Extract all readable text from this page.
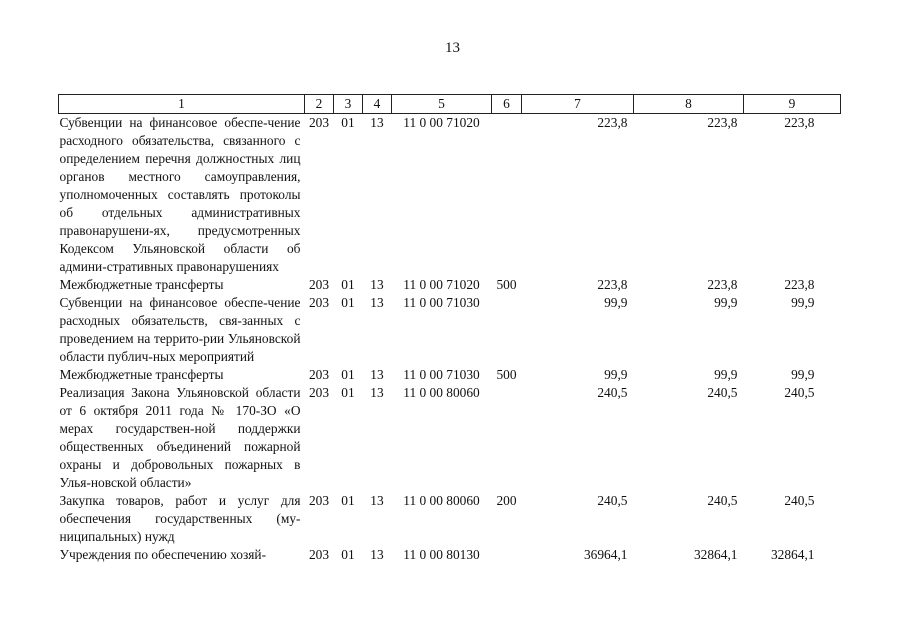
13
1	2	3	4	5	6	7	8	9
Субвенции на финансовое обеспе-чение расходного обязательства, связанного с определением перечня должностных лиц органов местного самоуправления, уполномоченных составлять протоколы об отдельных административных правонарушени-ях, предусмотренных Кодексом Ульяновской области об админи-стративных правонарушениях	203	01	13	11 0 00 71020		223,8	223,8	223,8
Межбюджетные трансферты	203	01	13	11 0 00 71020	500	223,8	223,8	223,8
Субвенции на финансовое обеспе-чение расходных обязательств, свя-занных с проведением на террито-рии Ульяновской области публич-ных мероприятий	203	01	13	11 0 00 71030		99,9	99,9	99,9
Межбюджетные трансферты	203	01	13	11 0 00 71030	500	99,9	99,9	99,9
Реализация Закона Ульяновской области от 6 октября 2011 года № 170-ЗО «О мерах государствен-ной поддержки общественных объединений пожарной охраны и добровольных пожарных в Улья-новской области»	203	01	13	11 0 00 80060		240,5	240,5	240,5
Закупка товаров, работ и услуг для обеспечения государственных (му-ниципальных) нужд	203	01	13	11 0 00 80060	200	240,5	240,5	240,5
Учреждения по обеспечению хозяй-	203	01	13	11 0 00 80130		36964,1	32864,1	32864,1
